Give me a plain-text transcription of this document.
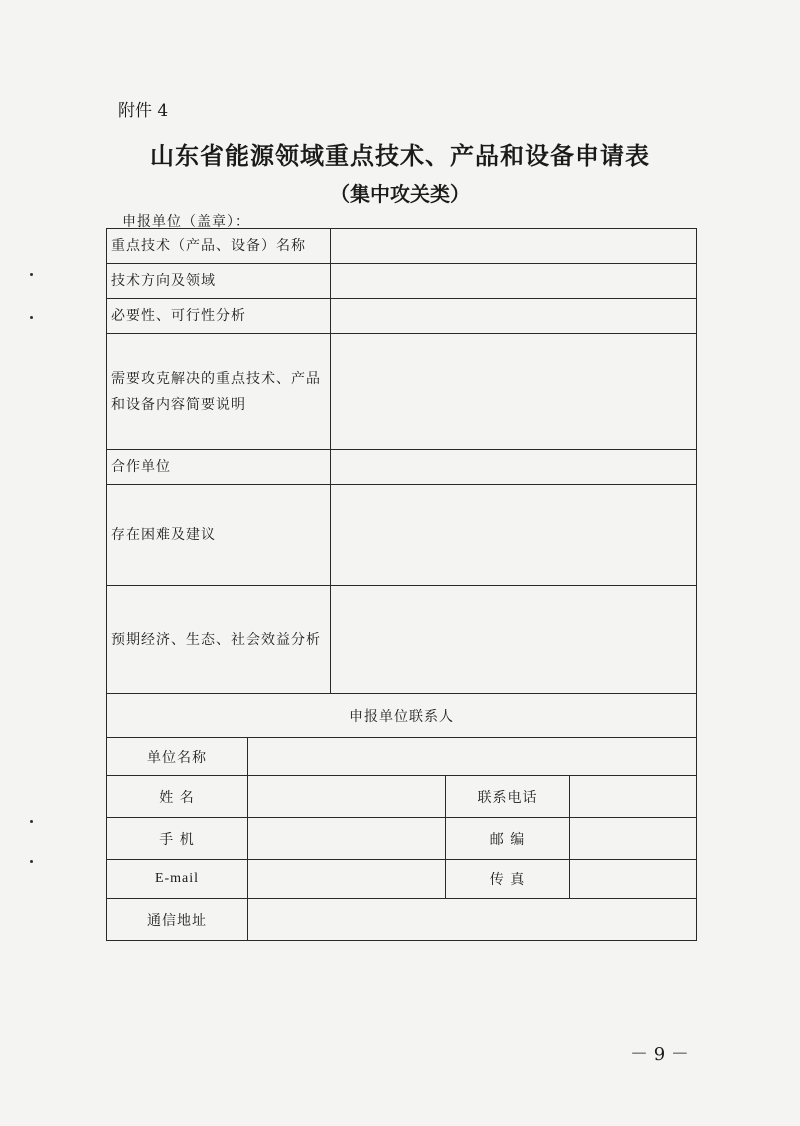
附件 4
山东省能源领域重点技术、产品和设备申请表
（集中攻关类）
申报单位（盖章）：
重点技术（产品、设备）名称				
技术方向及领域				
必要性、可行性分析				
需要攻克解决的重点技术、产品和设备内容简要说明				
合作单位				
存在困难及建议				
预期经济、生态、社会效益分析				
申报单位联系人				
单位名称				
姓 名			联系电话	
手 机			邮 编	
E-mail			传 真	
通信地址				
－ 9 －
